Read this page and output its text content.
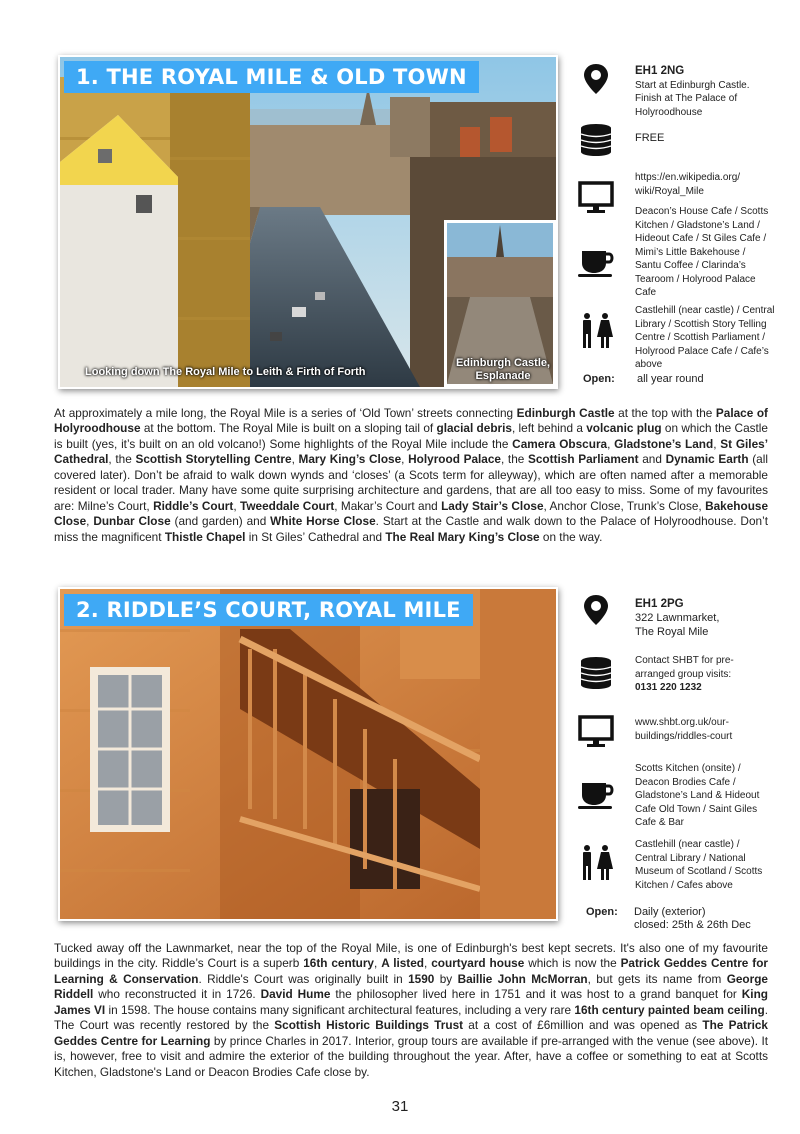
1. THE ROYAL MILE & OLD TOWN
Looking down The Royal Mile to Leith & Firth of Forth
Edinburgh Castle,
Esplanade
EH1 2NG
Start at Edinburgh Castle.
Finish at The Palace of
Holyroodhouse
FREE
https://en.wikipedia.org/
wiki/Royal_Mile
Deacon’s House Cafe / Scotts
Kitchen / Gladstone’s Land /
Hideout Cafe / St Giles Cafe /
Mimi’s Little Bakehouse /
Santu Coffee / Clarinda’s
Tearoom / Holyrood Palace
Cafe
Castlehill (near castle) / Central
Library / Scottish Story Telling
Centre / Scottish Parliament /
Holyrood Palace Cafe / Cafe’s
above
Open: all year round
At approximately a mile long, the Royal Mile is a series of ‘Old Town’ streets connecting Edinburgh Castle at the top with the Palace of Holyroodhouse at the bottom. The Royal Mile is built on a sloping tail of glacial debris, left behind a volcanic plug on which the Castle is built (yes, it’s built on an old volcano!) Some highlights of the Royal Mile include the Camera Obscura, Gladstone’s Land, St Giles’ Cathedral, the Scottish Storytelling Centre, Mary King’s Close, Holyrood Palace, the Scottish Parliament and Dynamic Earth (all covered later). Don’t be afraid to walk down wynds and ‘closes’ (a Scots term for alleyway), which are often named after a memorable resident or local trader. Many have some quite surprising architecture and gardens, that are all too easy to miss. Some of my favourites are: Milne’s Court, Riddle’s Court, Tweeddale Court, Makar’s Court and Lady Stair’s Close, Anchor Close, Trunk’s Close, Bakehouse Close, Dunbar Close (and garden) and White Horse Close. Start at the Castle and walk down to the Palace of Holyroodhouse. Don’t miss the magnificent Thistle Chapel in St Giles’ Cathedral and The Real Mary King’s Close on the way.
2. RIDDLE’S COURT, ROYAL MILE	EH1 2PG
322 Lawnmarket,
The Royal Mile
Contact SHBT for pre-
arranged group visits:
0131 220 1232
www.shbt.org.uk/our-
buildings/riddles-court
Scotts Kitchen (onsite) /
Deacon Brodies Cafe /
Gladstone’s Land & Hideout
Cafe Old Town / Saint Giles
Cafe & Bar
Castlehill (near castle) /
Central Library / National
Museum of Scotland / Scotts
Kitchen / Cafes above
Open: Daily (exterior)
closed: 25th & 26th Dec
Tucked away off the Lawnmarket, near the top of the Royal Mile, is one of Edinburgh's best kept secrets. It's also one of my favourite buildings in the city. Riddle’s Court is a superb 16th century, A listed, courtyard house which is now the Patrick Geddes Centre for Learning & Conservation. Riddle's Court was originally built in 1590 by Baillie John McMorran, but gets its name from George Riddell who reconstructed it in 1726. David Hume the philosopher lived here in 1751 and it was host to a grand banquet for King James VI in 1598. The house contains many significant architectural features, including a very rare 16th century painted beam ceiling. The Court was recently restored by the Scottish Historic Buildings Trust at a cost of £6million and was opened as The Patrick Geddes Centre for Learning by prince Charles in 2017. Interior, group tours are available if pre-arranged with the venue (see above). It is, however, free to visit and admire the exterior of the building throughout the year. After, have a coffee or something to eat at Scotts Kitchen, Gladstone's Land or Deacon Brodies Cafe close by.
31
